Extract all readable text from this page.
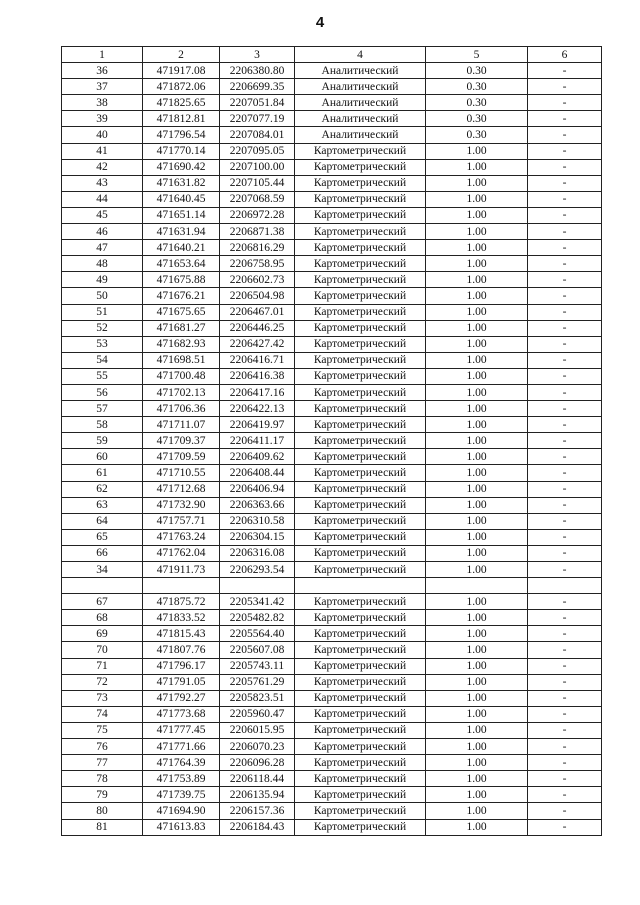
4
1	2	3	4	5	6
36	471917.08	2206380.80	Аналитический	0.30	-
37	471872.06	2206699.35	Аналитический	0.30	-
38	471825.65	2207051.84	Аналитический	0.30	-
39	471812.81	2207077.19	Аналитический	0.30	-
40	471796.54	2207084.01	Аналитический	0.30	-
41	471770.14	2207095.05	Картометрический	1.00	-
42	471690.42	2207100.00	Картометрический	1.00	-
43	471631.82	2207105.44	Картометрический	1.00	-
44	471640.45	2207068.59	Картометрический	1.00	-
45	471651.14	2206972.28	Картометрический	1.00	-
46	471631.94	2206871.38	Картометрический	1.00	-
47	471640.21	2206816.29	Картометрический	1.00	-
48	471653.64	2206758.95	Картометрический	1.00	-
49	471675.88	2206602.73	Картометрический	1.00	-
50	471676.21	2206504.98	Картометрический	1.00	-
51	471675.65	2206467.01	Картометрический	1.00	-
52	471681.27	2206446.25	Картометрический	1.00	-
53	471682.93	2206427.42	Картометрический	1.00	-
54	471698.51	2206416.71	Картометрический	1.00	-
55	471700.48	2206416.38	Картометрический	1.00	-
56	471702.13	2206417.16	Картометрический	1.00	-
57	471706.36	2206422.13	Картометрический	1.00	-
58	471711.07	2206419.97	Картометрический	1.00	-
59	471709.37	2206411.17	Картометрический	1.00	-
60	471709.59	2206409.62	Картометрический	1.00	-
61	471710.55	2206408.44	Картометрический	1.00	-
62	471712.68	2206406.94	Картометрический	1.00	-
63	471732.90	2206363.66	Картометрический	1.00	-
64	471757.71	2206310.58	Картометрический	1.00	-
65	471763.24	2206304.15	Картометрический	1.00	-
66	471762.04	2206316.08	Картометрический	1.00	-
34	471911.73	2206293.54	Картометрический	1.00	-

67	471875.72	2205341.42	Картометрический	1.00	-
68	471833.52	2205482.82	Картометрический	1.00	-
69	471815.43	2205564.40	Картометрический	1.00	-
70	471807.76	2205607.08	Картометрический	1.00	-
71	471796.17	2205743.11	Картометрический	1.00	-
72	471791.05	2205761.29	Картометрический	1.00	-
73	471792.27	2205823.51	Картометрический	1.00	-
74	471773.68	2205960.47	Картометрический	1.00	-
75	471777.45	2206015.95	Картометрический	1.00	-
76	471771.66	2206070.23	Картометрический	1.00	-
77	471764.39	2206096.28	Картометрический	1.00	-
78	471753.89	2206118.44	Картометрический	1.00	-
79	471739.75	2206135.94	Картометрический	1.00	-
80	471694.90	2206157.36	Картометрический	1.00	-
81	471613.83	2206184.43	Картометрический	1.00	-
